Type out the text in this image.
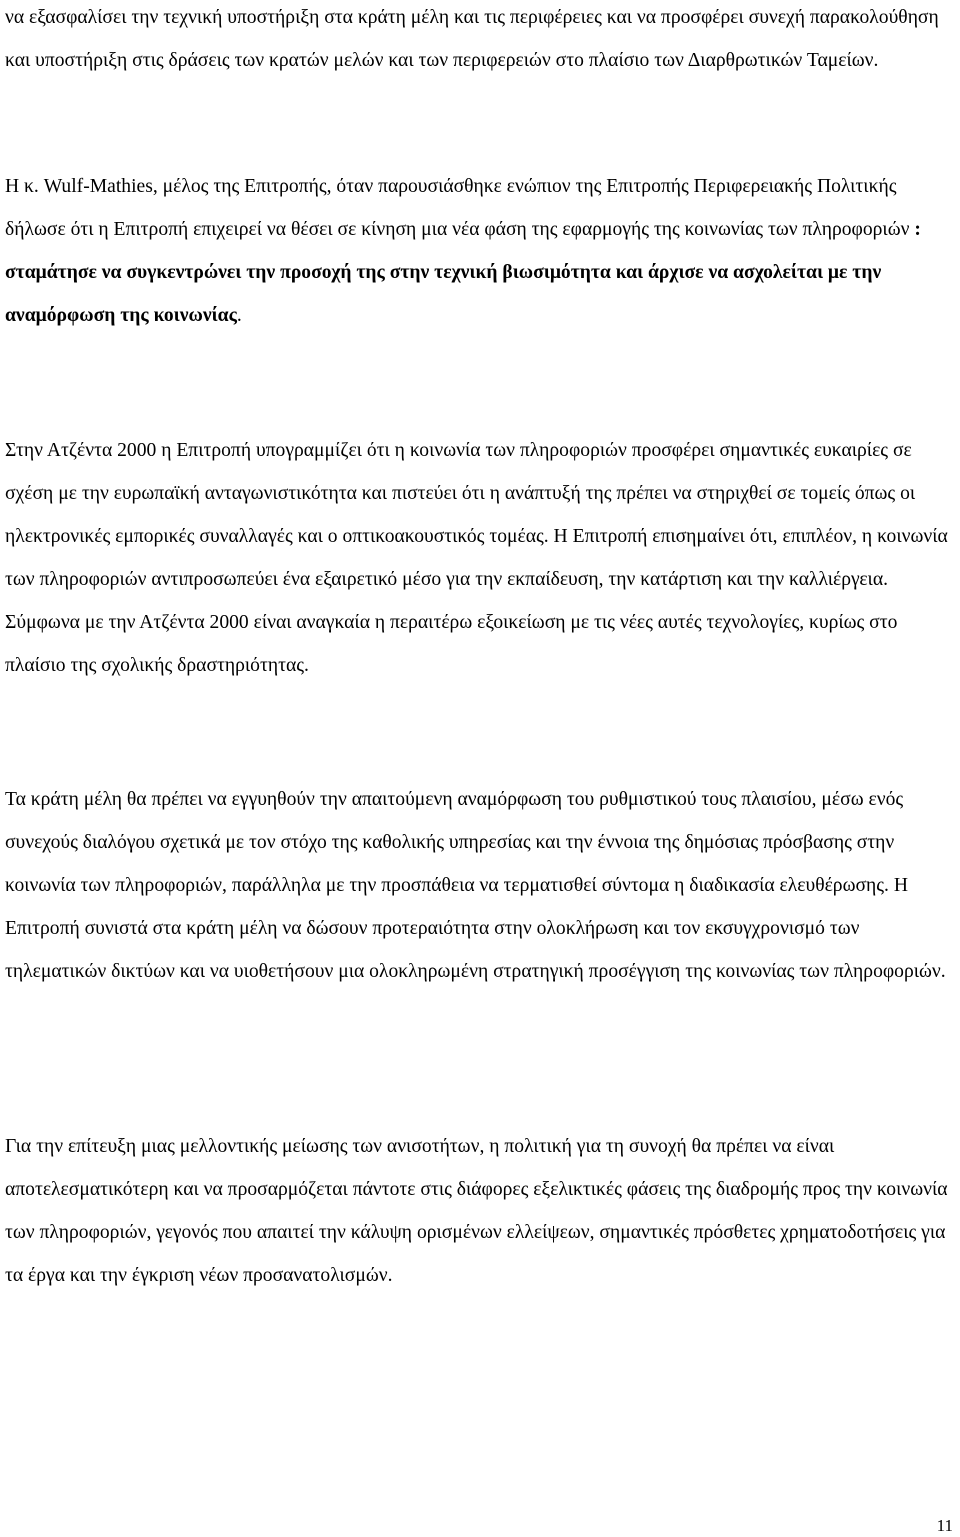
να εξασφαλίσει την τεχνική υποστήριξη στα κράτη μέλη και τις περιφέρειες και να προσφέρει συνεχή παρακολούθηση και υποστήριξη στις δράσεις των κρατών μελών και των περιφερειών στο πλαίσιο των Διαρθρωτικών Ταμείων.

Η κ. Wulf-Mathies, μέλος της Επιτροπής, όταν παρουσιάσθηκε ενώπιον της Επιτροπής Περιφερειακής Πολιτικής δήλωσε ότι η Επιτροπή επιχειρεί να θέσει σε κίνηση μια νέα φάση της εφαρμογής της κοινωνίας των πληροφοριών : σταμάτησε να συγκεντρώνει την προσοχή της στην τεχνική βιωσιμότητα και άρχισε να ασχολείται με την αναμόρφωση της κοινωνίας.

Στην Ατζέντα 2000 η Επιτροπή υπογραμμίζει ότι η κοινωνία των πληροφοριών προσφέρει σημαντικές ευκαιρίες σε σχέση με την ευρωπαϊκή ανταγωνιστικότητα και πιστεύει ότι η ανάπτυξή της πρέπει να στηριχθεί σε τομείς όπως οι ηλεκτρονικές εμπορικές συναλλαγές και ο οπτικοακουστικός τομέας. Η Επιτροπή επισημαίνει ότι, επιπλέον, η κοινωνία των πληροφοριών αντιπροσωπεύει ένα εξαιρετικό μέσο για την εκπαίδευση, την κατάρτιση και την καλλιέργεια. Σύμφωνα με την Ατζέντα 2000 είναι αναγκαία η περαιτέρω εξοικείωση με τις νέες αυτές τεχνολογίες, κυρίως στο πλαίσιο της σχολικής δραστηριότητας.

Τα κράτη μέλη θα πρέπει να εγγυηθούν την απαιτούμενη αναμόρφωση του ρυθμιστικού τους πλαισίου, μέσω ενός συνεχούς διαλόγου σχετικά με τον στόχο της καθολικής υπηρεσίας και την έννοια της δημόσιας πρόσβασης στην κοινωνία των πληροφοριών, παράλληλα με την προσπάθεια να τερματισθεί σύντομα η διαδικασία ελευθέρωσης. Η Επιτροπή συνιστά στα κράτη μέλη να δώσουν προτεραιότητα στην ολοκλήρωση και τον εκσυγχρονισμό των τηλεματικών δικτύων και να υιοθετήσουν μια ολοκληρωμένη στρατηγική προσέγγιση της κοινωνίας των πληροφοριών.

Για την επίτευξη μιας μελλοντικής μείωσης των ανισοτήτων, η πολιτική για τη συνοχή θα πρέπει να είναι αποτελεσματικότερη και να προσαρμόζεται πάντοτε στις διάφορες εξελικτικές φάσεις της διαδρομής προς την κοινωνία των πληροφοριών, γεγονός που απαιτεί την κάλυψη ορισμένων ελλείψεων, σημαντικές πρόσθετες χρηματοδοτήσεις για τα έργα και την έγκριση νέων προσανατολισμών.

11
